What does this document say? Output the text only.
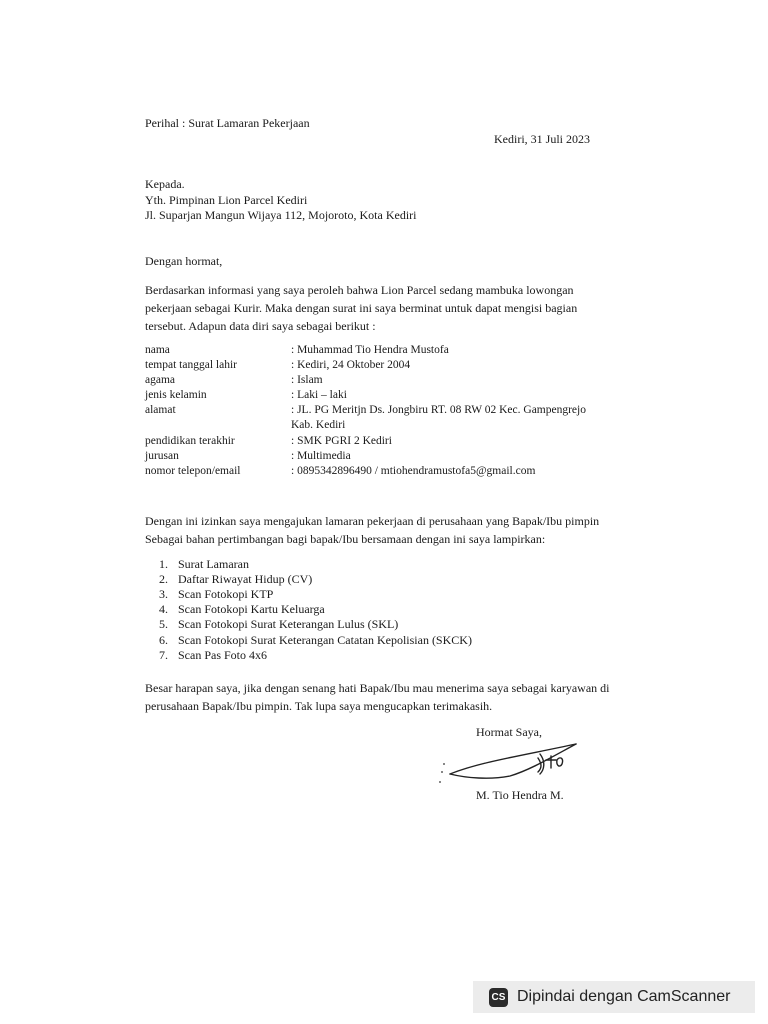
Perihal : Surat Lamaran Pekerjaan
Kediri, 31 Juli 2023
Kepada.
Yth. Pimpinan Lion Parcel Kediri
Jl. Suparjan Mangun Wijaya 112, Mojoroto, Kota Kediri
Dengan hormat,
Berdasarkan informasi yang saya peroleh bahwa Lion Parcel sedang mambuka lowongan
pekerjaan sebagai Kurir. Maka dengan surat ini saya berminat untuk dapat mengisi bagian
tersebut. Adapun data diri saya sebagai berikut :
nama	: Muhammad Tio Hendra Mustofa
tempat tanggal lahir	: Kediri, 24 Oktober 2004
agama	: Islam
jenis kelamin	: Laki – laki
alamat	: JL. PG Meritjn Ds. Jongbiru RT. 08 RW 02 Kec. Gampengrejo
Kab. Kediri
pendidikan terakhir	: SMK PGRI 2 Kediri
jurusan	: Multimedia
nomor telepon/email	: 0895342896490 / mtiohendramustofa5@gmail.com
Dengan ini izinkan saya mengajukan lamaran pekerjaan di perusahaan yang Bapak/Ibu pimpin
Sebagai bahan pertimbangan bagi bapak/Ibu bersamaan dengan ini saya lampirkan:
1. Surat Lamaran
2. Daftar Riwayat Hidup (CV)
3. Scan Fotokopi KTP
4. Scan Fotokopi Kartu Keluarga
5. Scan Fotokopi Surat Keterangan Lulus (SKL)
6. Scan Fotokopi Surat Keterangan Catatan Kepolisian (SKCK)
7. Scan Pas Foto 4x6
Besar harapan saya, jika dengan senang hati Bapak/Ibu mau menerima saya sebagai karyawan di
perusahaan Bapak/Ibu pimpin. Tak lupa saya mengucapkan terimakasih.
Hormat Saya,
M. Tio Hendra M.
CS Dipindai dengan CamScanner
